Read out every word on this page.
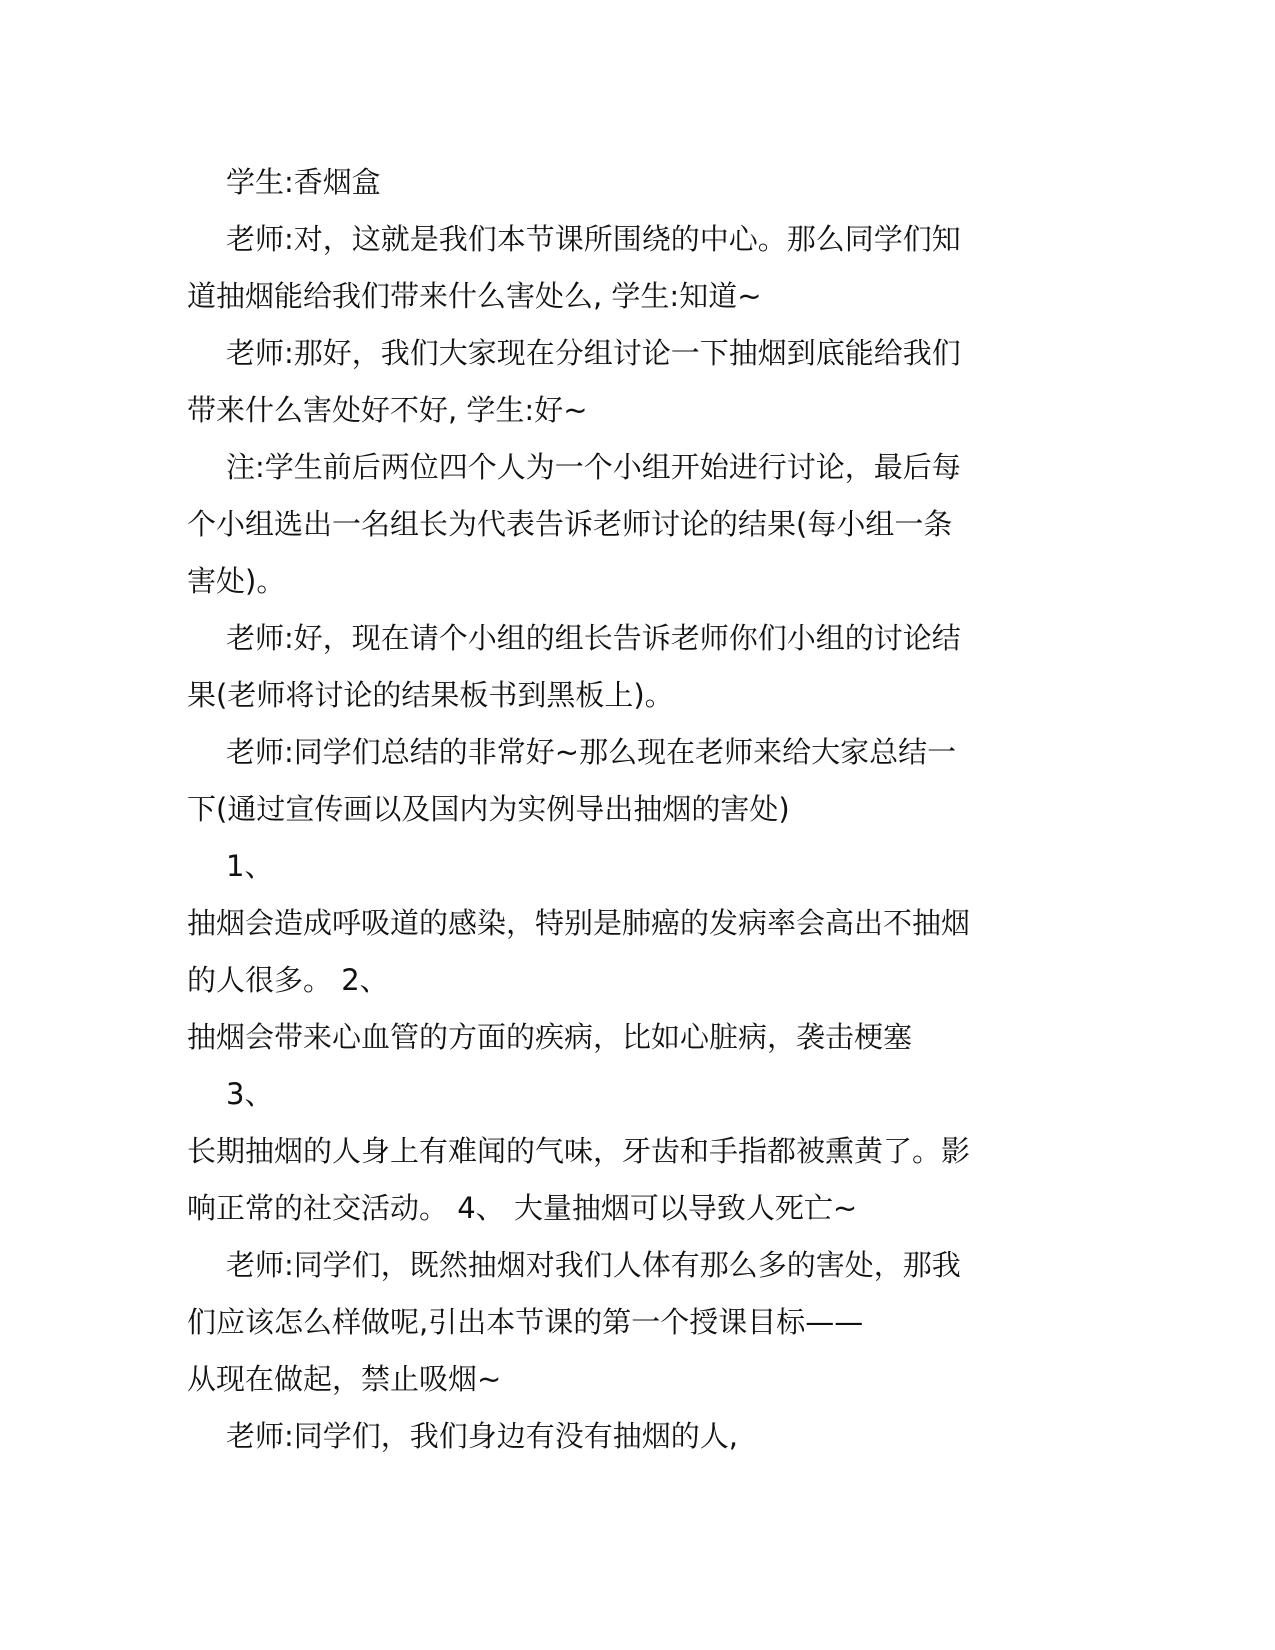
学生:香烟盒
老师:对，这就是我们本节课所围绕的中心。那么同学们知
道抽烟能给我们带来什么害处么, 学生:知道~
老师:那好，我们大家现在分组讨论一下抽烟到底能给我们
带来什么害处好不好, 学生:好~
注:学生前后两位四个人为一个小组开始进行讨论，最后每
个小组选出一名组长为代表告诉老师讨论的结果(每小组一条
害处)。
老师:好，现在请个小组的组长告诉老师你们小组的讨论结
果(老师将讨论的结果板书到黑板上)。
老师:同学们总结的非常好~那么现在老师来给大家总结一
下(通过宣传画以及国内为实例导出抽烟的害处)
1、
抽烟会造成呼吸道的感染，特别是肺癌的发病率会高出不抽烟
的人很多。 2、
抽烟会带来心血管的方面的疾病，比如心脏病，袭击梗塞
3、
长期抽烟的人身上有难闻的气味，牙齿和手指都被熏黄了。影
响正常的社交活动。 4、 大量抽烟可以导致人死亡~
老师:同学们，既然抽烟对我们人体有那么多的害处，那我
们应该怎么样做呢,引出本节课的第一个授课目标——
从现在做起，禁止吸烟~
老师:同学们，我们身边有没有抽烟的人,
